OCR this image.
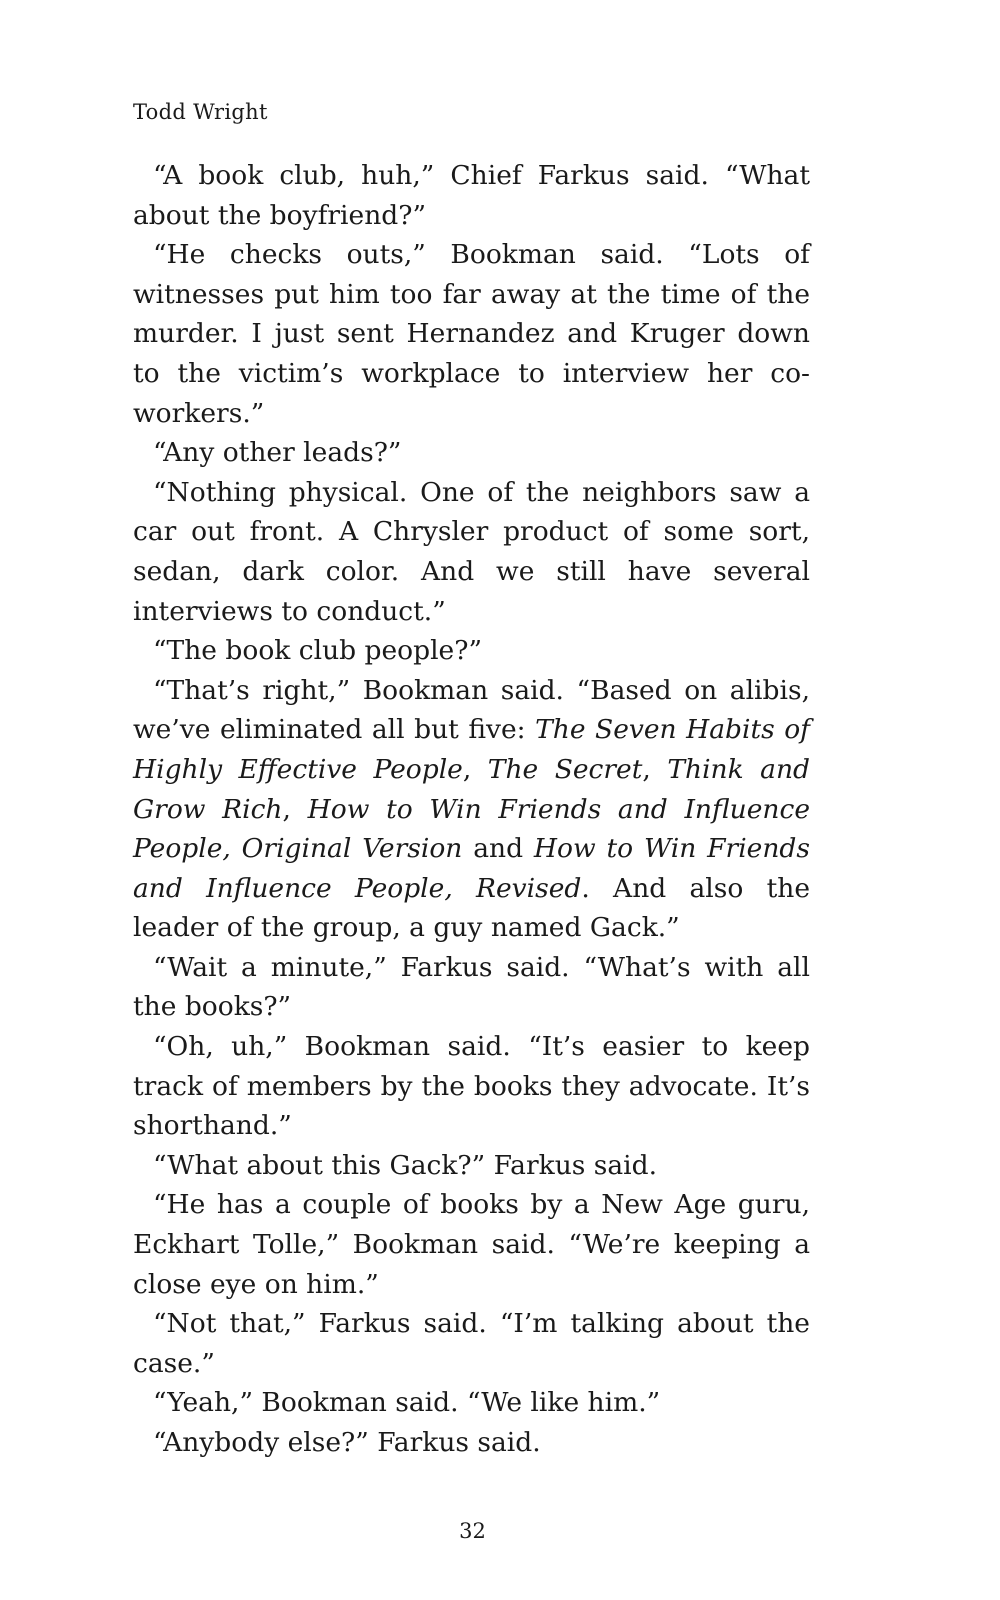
Todd Wright

“A book club, huh,” Chief Farkus said. “What about the boyfriend?”

“He checks outs,” Bookman said. “Lots of witnesses put him too far away at the time of the murder. I just sent Hernandez and Kruger down to the victim’s workplace to interview her co-workers.”

“Any other leads?”

“Nothing physical. One of the neighbors saw a car out front. A Chrysler product of some sort, sedan, dark color. And we still have several interviews to conduct.”

“The book club people?”

“That’s right,” Bookman said. “Based on alibis, we’ve eliminated all but five: The Seven Habits of Highly Effective People, The Secret, Think and Grow Rich, How to Win Friends and Influence People, Original Version and How to Win Friends and Influence People, Revised. And also the leader of the group, a guy named Gack.”

“Wait a minute,” Farkus said. “What’s with all the books?”

“Oh, uh,” Bookman said. “It’s easier to keep track of members by the books they advocate. It’s shorthand.”

“What about this Gack?” Farkus said.

“He has a couple of books by a New Age guru, Eckhart Tolle,” Bookman said. “We’re keeping a close eye on him.”

“Not that,” Farkus said. “I’m talking about the case.”

“Yeah,” Bookman said. “We like him.”

“Anybody else?” Farkus said.

32
